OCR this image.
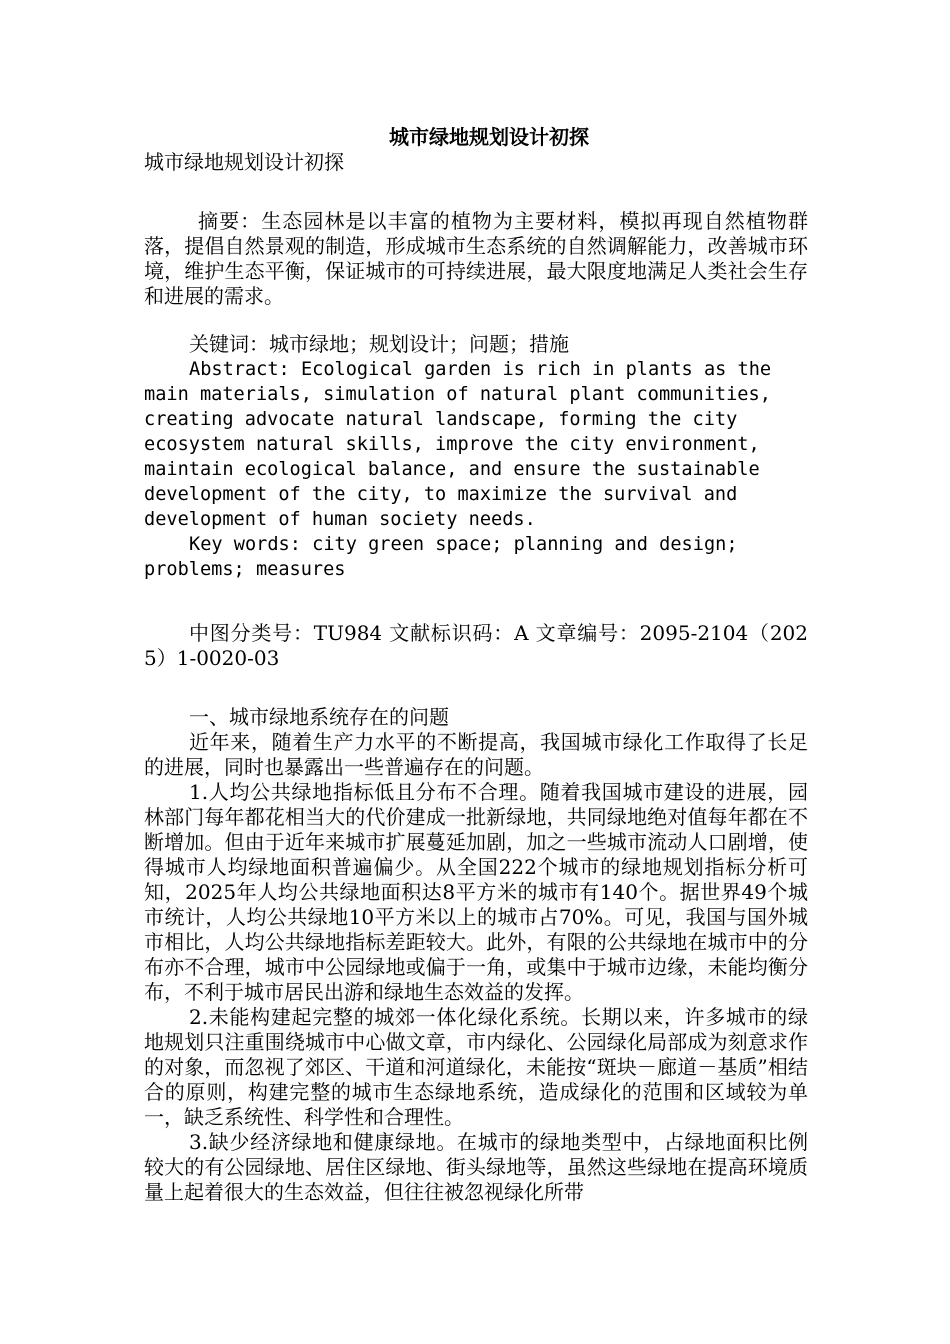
城市绿地规划设计初探

城市绿地规划设计初探

摘要：生态园林是以丰富的植物为主要材料，模拟再现自然植物群落，提倡自然景观的制造，形成城市生态系统的自然调解能力，改善城市环境，维护生态平衡，保证城市的可持续进展，最大限度地满足人类社会生存和进展的需求。

关键词：城市绿地；规划设计；问题；措施

Abstract: Ecological garden is rich in plants as the main materials, simulation of natural plant communities, creating advocate natural landscape, forming the city ecosystem natural skills, improve the city environment, maintain ecological balance, and ensure the sustainable development of the city, to maximize the survival and development of human society needs.

Key words: city green space; planning and design; problems; measures

中图分类号：TU984 文献标识码：A 文章编号：2095-2104（2025）1-0020-03

一、城市绿地系统存在的问题

近年来，随着生产力水平的不断提高，我国城市绿化工作取得了长足的进展，同时也暴露出一些普遍存在的问题。

1.人均公共绿地指标低且分布不合理。随着我国城市建设的进展，园林部门每年都花相当大的代价建成一批新绿地，共同绿地绝对值每年都在不断增加。但由于近年来城市扩展蔓延加剧，加之一些城市流动人口剧增，使得城市人均绿地面积普遍偏少。从全国222个城市的绿地规划指标分析可知，2025年人均公共绿地面积达8平方米的城市有140个。据世界49个城市统计，人均公共绿地10平方米以上的城市占70%。可见，我国与国外城市相比，人均公共绿地指标差距较大。此外，有限的公共绿地在城市中的分布亦不合理，城市中公园绿地或偏于一角，或集中于城市边缘，未能均衡分布，不利于城市居民出游和绿地生态效益的发挥。

2.未能构建起完整的城郊一体化绿化系统。长期以来，许多城市的绿地规划只注重围绕城市中心做文章，市内绿化、公园绿化局部成为刻意求作的对象，而忽视了郊区、干道和河道绿化，未能按“斑块－廊道－基质”相结合的原则，构建完整的城市生态绿地系统，造成绿化的范围和区域较为单一，缺乏系统性、科学性和合理性。

3.缺少经济绿地和健康绿地。在城市的绿地类型中，占绿地面积比例较大的有公园绿地、居住区绿地、街头绿地等，虽然这些绿地在提高环境质量上起着很大的生态效益，但往往被忽视绿化所带
